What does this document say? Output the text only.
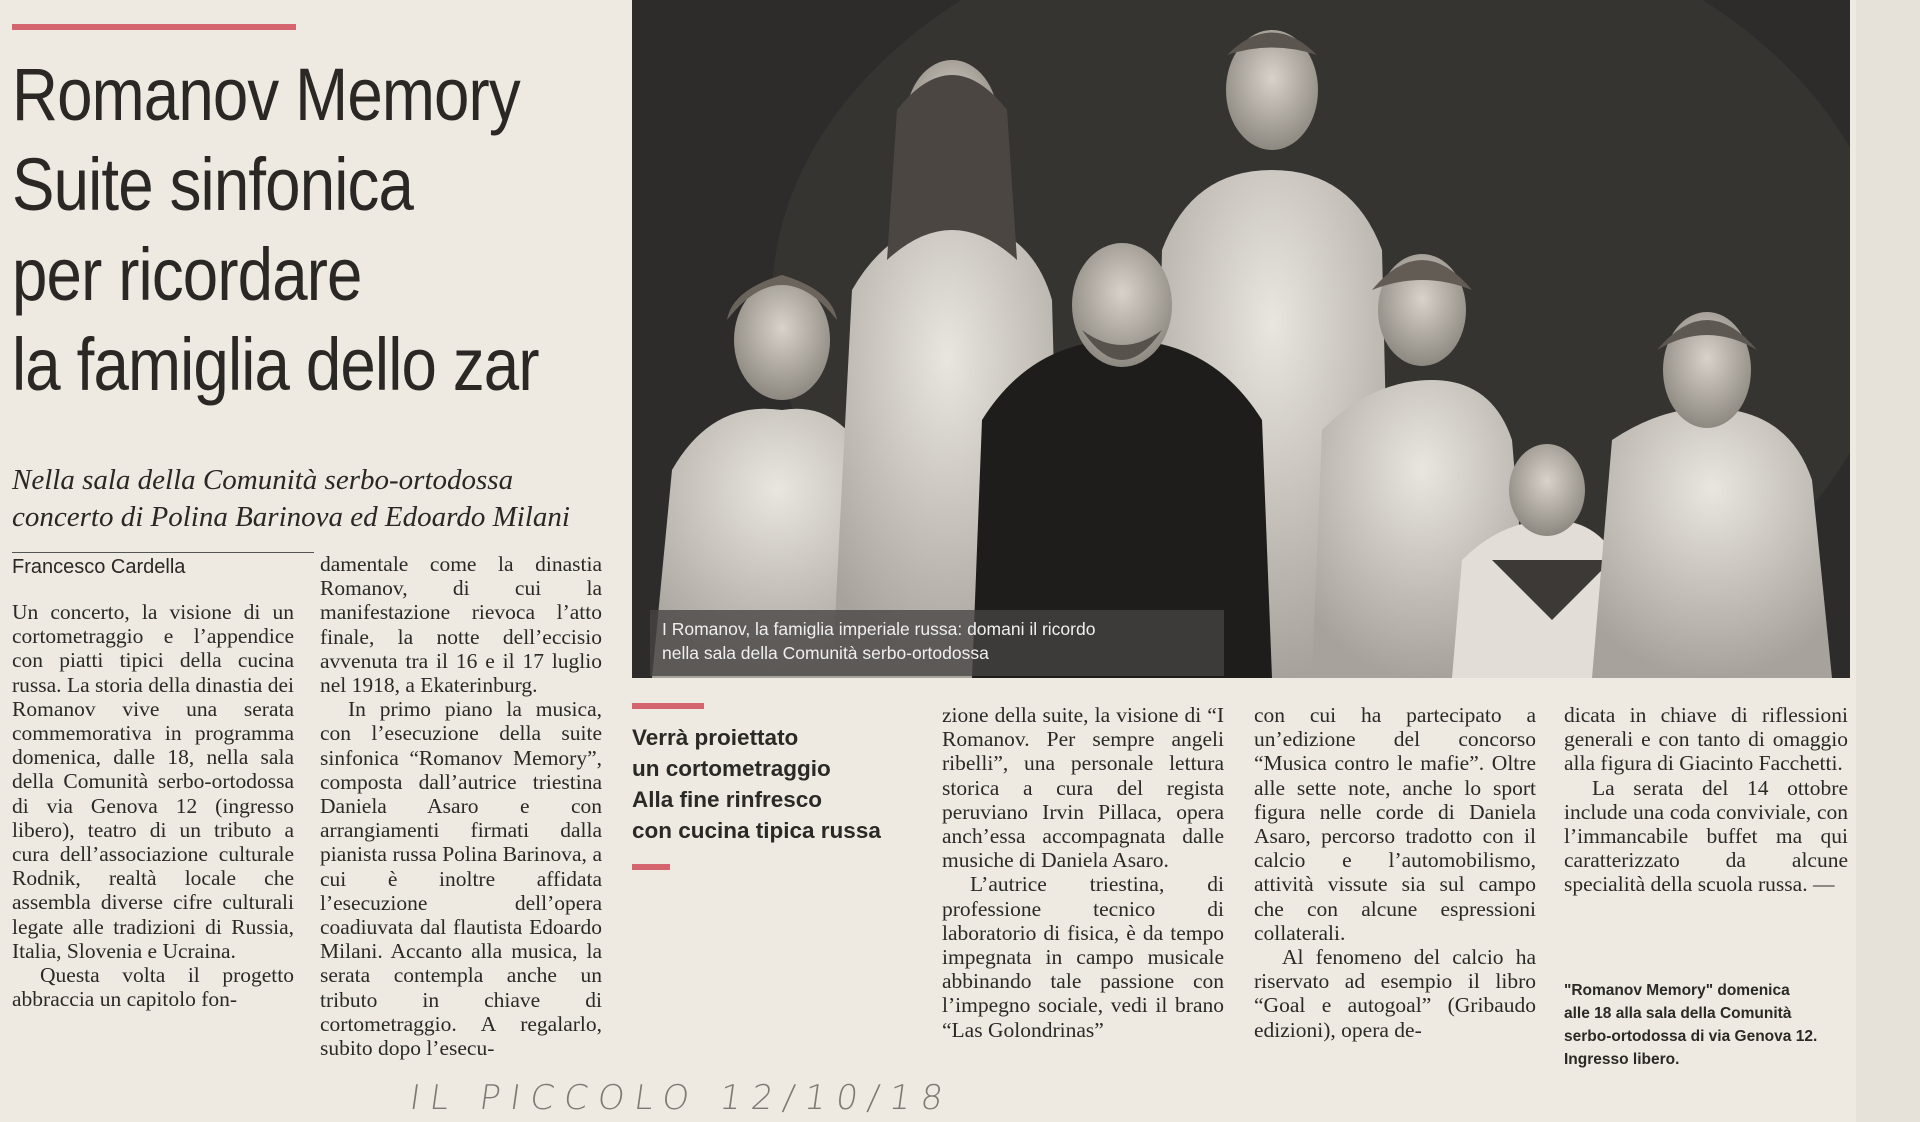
Romanov Memory
Suite sinfonica
per ricordare
la famiglia dello zar
Nella sala della Comunità serbo-ortodossa
concerto di Polina Barinova ed Edoardo Milani
Francesco Cardella

Un concerto, la visione di un cortometraggio e l’appendice con piatti tipici della cucina russa. La storia della dinastia dei Romanov vive una serata commemorativa in programma domenica, dalle 18, nella sala della Comunità serbo-ortodossa di via Genova 12 (ingresso libero), teatro di un tributo a cura dell’associazione culturale Rodnik, realtà locale che assembla diverse cifre culturali legate alle tradizioni di Russia, Italia, Slovenia e Ucraina.

Questa volta il progetto abbraccia un capitolo fon-

damentale come la dinastia Romanov, di cui la manifestazione rievoca l’atto finale, la notte dell’eccisio avvenuta tra il 16 e il 17 luglio nel 1918, a Ekaterinburg.

In primo piano la musica, con l’esecuzione della suite sinfonica “Romanov Memory”, composta dall’autrice triestina Daniela Asaro e con arrangiamenti firmati dalla pianista russa Polina Barinova, a cui è inoltre affidata l’esecuzione dell’opera coadiuvata dal flautista Edoardo Milani. Accanto alla musica, la serata contempla anche un tributo in chiave di cortometraggio. A regalarlo, subito dopo l’esecu-

zione della suite, la visione di “I Romanov. Per sempre angeli ribelli”, una personale lettura storica a cura del regista peruviano Irvin Pillaca, opera anch’essa accompagnata dalle musiche di Daniela Asaro.

L’autrice triestina, di professione tecnico di laboratorio di fisica, è da tempo impegnata in campo musicale abbinando tale passione con l’impegno sociale, vedi il brano “Las Golondrinas”

con cui ha partecipato a un’edizione del concorso “Musica contro le mafie”. Oltre alle sette note, anche lo sport figura nelle corde di Daniela Asaro, percorso tradotto con il calcio e l’automobilismo, attività vissute sia sul campo che con alcune espressioni collaterali.

Al fenomeno del calcio ha riservato ad esempio il libro “Goal e autogoal” (Gribaudo edizioni), opera de-

dicata in chiave di riflessioni generali e con tanto di omaggio alla figura di Giacinto Facchetti.

La serata del 14 ottobre include una coda conviviale, con l’immancabile buffet ma qui caratterizzato da alcune specialità della scuola russa. —

I Romanov, la famiglia imperiale russa: domani il ricordo
nella sala della Comunità serbo-ortodossa
Verrà proiettato
un cortometraggio
Alla fine rinfresco
con cucina tipica russa
"Romanov Memory" domenica
alle 18 alla sala della Comunità
serbo-ortodossa di via Genova 12.
Ingresso libero.
IL PICCOLO 12/10/18
